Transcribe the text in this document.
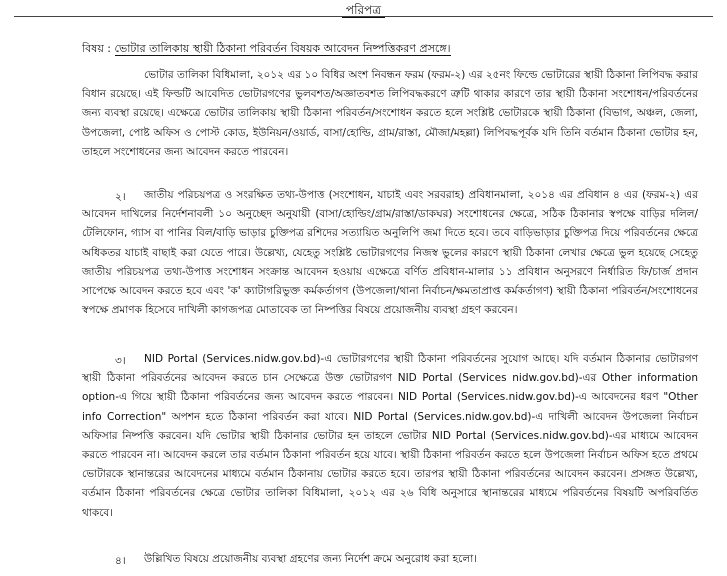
পরিপত্র
বিষয় : ভোটার তালিকায় স্থায়ী ঠিকানা পরিবর্তন বিষয়ক আবেদন নিষ্পত্তিকরণ প্রসঙ্গে।

ভোটার তালিকা বিধিমালা, ২০১২ এর ১০ বিধির অংশ নিবন্ধন ফরম (ফরম-২) এর ২৫নং ফিল্ডে ভোটারের স্থায়ী ঠিকানা লিপিবদ্ধ করার বিধান রয়েছে। এই ফিল্ডটি আবেদিত ভোটারগণের ভুলবশত/অজ্ঞাতবশত লিপিবদ্ধকরণে ত্রুটি থাকার কারণে তার স্থায়ী ঠিকানা সংশোধন/পরিবর্তনের জন্য ব্যবস্থা রয়েছে। এক্ষেত্রে ভোটার তালিকায় স্থায়ী ঠিকানা পরিবর্তন/সংশোধন করতে হলে সংশ্লিষ্ট ভোটারকে স্থায়ী ঠিকানা (বিভাগ, অঞ্চল, জেলা, উপজেলা, পোষ্ট অফিস ও পোস্ট কোড, ইউনিয়ন/ওয়ার্ড, বাসা/হোল্ডি, গ্রাম/রাস্তা, মৌজা/মহল্লা) লিপিবদ্ধপূর্বক যদি তিনি বর্তমান ঠিকানা ভোটার হন, তাহলে সংশোধনের জন্য আবেদন করতে পারবেন।

২।	জাতীয় পরিচয়পত্র ও সংরক্ষিত তথ্য-উপাত্ত (সংশোধন, যাচাই এবং সরবরাহ) প্রবিধানমালা, ২০১৪ এর প্রবিধান ৪ এর (ফরম-২) এর আবেদন দাখিলের নির্দেশনাবলী ১০ অনুচ্ছেদ অনুযায়ী (বাসা/হোল্ডিং/গ্রাম/রাস্তা/ডাকঘর) সংশোধনের ক্ষেত্রে, সঠিক ঠিকানার স্বপক্ষে বাড়ির দলিল/টেলিফোন, গ্যাস বা পানির বিল/বাড়ি ভাড়ার চুক্তিপত্র রশিদের সত্যায়িত অনুলিপি জমা দিতে হবে। তবে বাড়িভাড়ার চুক্তিপত্র দিয়ে পরিবর্তনের ক্ষেত্রে অধিকতর যাচাই বাছাই করা যেতে পারে। উল্লেখ্য, যেহেতু সংশ্লিষ্ট ভোটারগণের নিজস্ব ভুলের কারণে স্থায়ী ঠিকানা লেখার ক্ষেত্রে ভুল হয়েছে সেহেতু জাতীয় পরিচয়পত্র তথ্য-উপাত্ত সংশোধন সংক্রান্ত আবেদন হওয়ায় এক্ষেত্রে বর্ণিত প্রবিধান-মালার ১১ প্রবিধান অনুসরণে নির্ধারিত ফি/চার্জ প্রদান সাপেক্ষে আবেদন করতে হবে এবং 'ক' ক্যাটাগরিভুক্ত কর্মকর্তাগণ (উপজেলা/থানা নির্বাচন/ক্ষমতাপ্রাপ্ত কর্মকর্তাগণ) স্থায়ী ঠিকানা পরিবর্তন/সংশোধনের স্বপক্ষে প্রমাণক হিসেবে দাখিলী কাগজপত্র মোতাবেক তা নিষ্পত্তির বিষয়ে প্রয়োজনীয় ব্যবস্থা গ্রহণ করবেন।

৩।	NID Portal (Services.nidw.gov.bd)-এ ভোটারগণের স্থায়ী ঠিকানা পরিবর্তনের সুযোগ আছে। যদি বর্তমান ঠিকানার ভোটারগণ স্থায়ী ঠিকানা পরিবর্তনের আবেদন করতে চান সেক্ষেত্রে উক্ত ভোটারগণ NID Portal (Services nidw.gov.bd)-এর Other information option-এ গিয়ে স্থায়ী ঠিকানা পরিবর্তনের জন্য আবেদন করতে পারবেন। NID Portal (Services.nidw.gov.bd)-এ আবেদনের ধরণ "Other info Correction" অপশন হতে ঠিকানা পরিবর্তন করা যাবে। NID Portal (Services.nidw.gov.bd)-এ দাখিলী আবেদন উপজেলা নির্বাচন অফিসার নিষ্পত্তি করবেন। যদি ভোটার স্থায়ী ঠিকানার ভোটার হন তাহলে ভোটার NID Portal (Services.nidw.gov.bd)-এর মাধ্যমে আবেদন করতে পারবেন না। আবেদন করলে তার বর্তমান ঠিকানা পরিবর্তন হয়ে যাবে। স্থায়ী ঠিকানা পরিবর্তন করতে হলে উপজেলা নির্বাচন অফিস হতে প্রথমে ভোটারকে স্থানান্তরের আবেদনের মাধ্যমে বর্তমান ঠিকানায় ভোটার করতে হবে। তারপর স্থায়ী ঠিকানা পরিবর্তনের আবেদন করবেন। প্রসঙ্গত উল্লেখ্য, বর্তমান ঠিকানা পরিবর্তনের ক্ষেত্রে ভোটার তালিকা বিধিমালা, ২০১২ এর ২৬ বিধি অনুসারে স্থানান্তরের মাধ্যমে পরিবর্তনের বিষয়টি অপরিবর্তিত থাকবে।

৪।	উল্লিখিত বিষয়ে প্রয়োজনীয় ব্যবস্থা গ্রহণের জন্য নির্দেশ ক্রমে অনুরোধ করা হলো।
